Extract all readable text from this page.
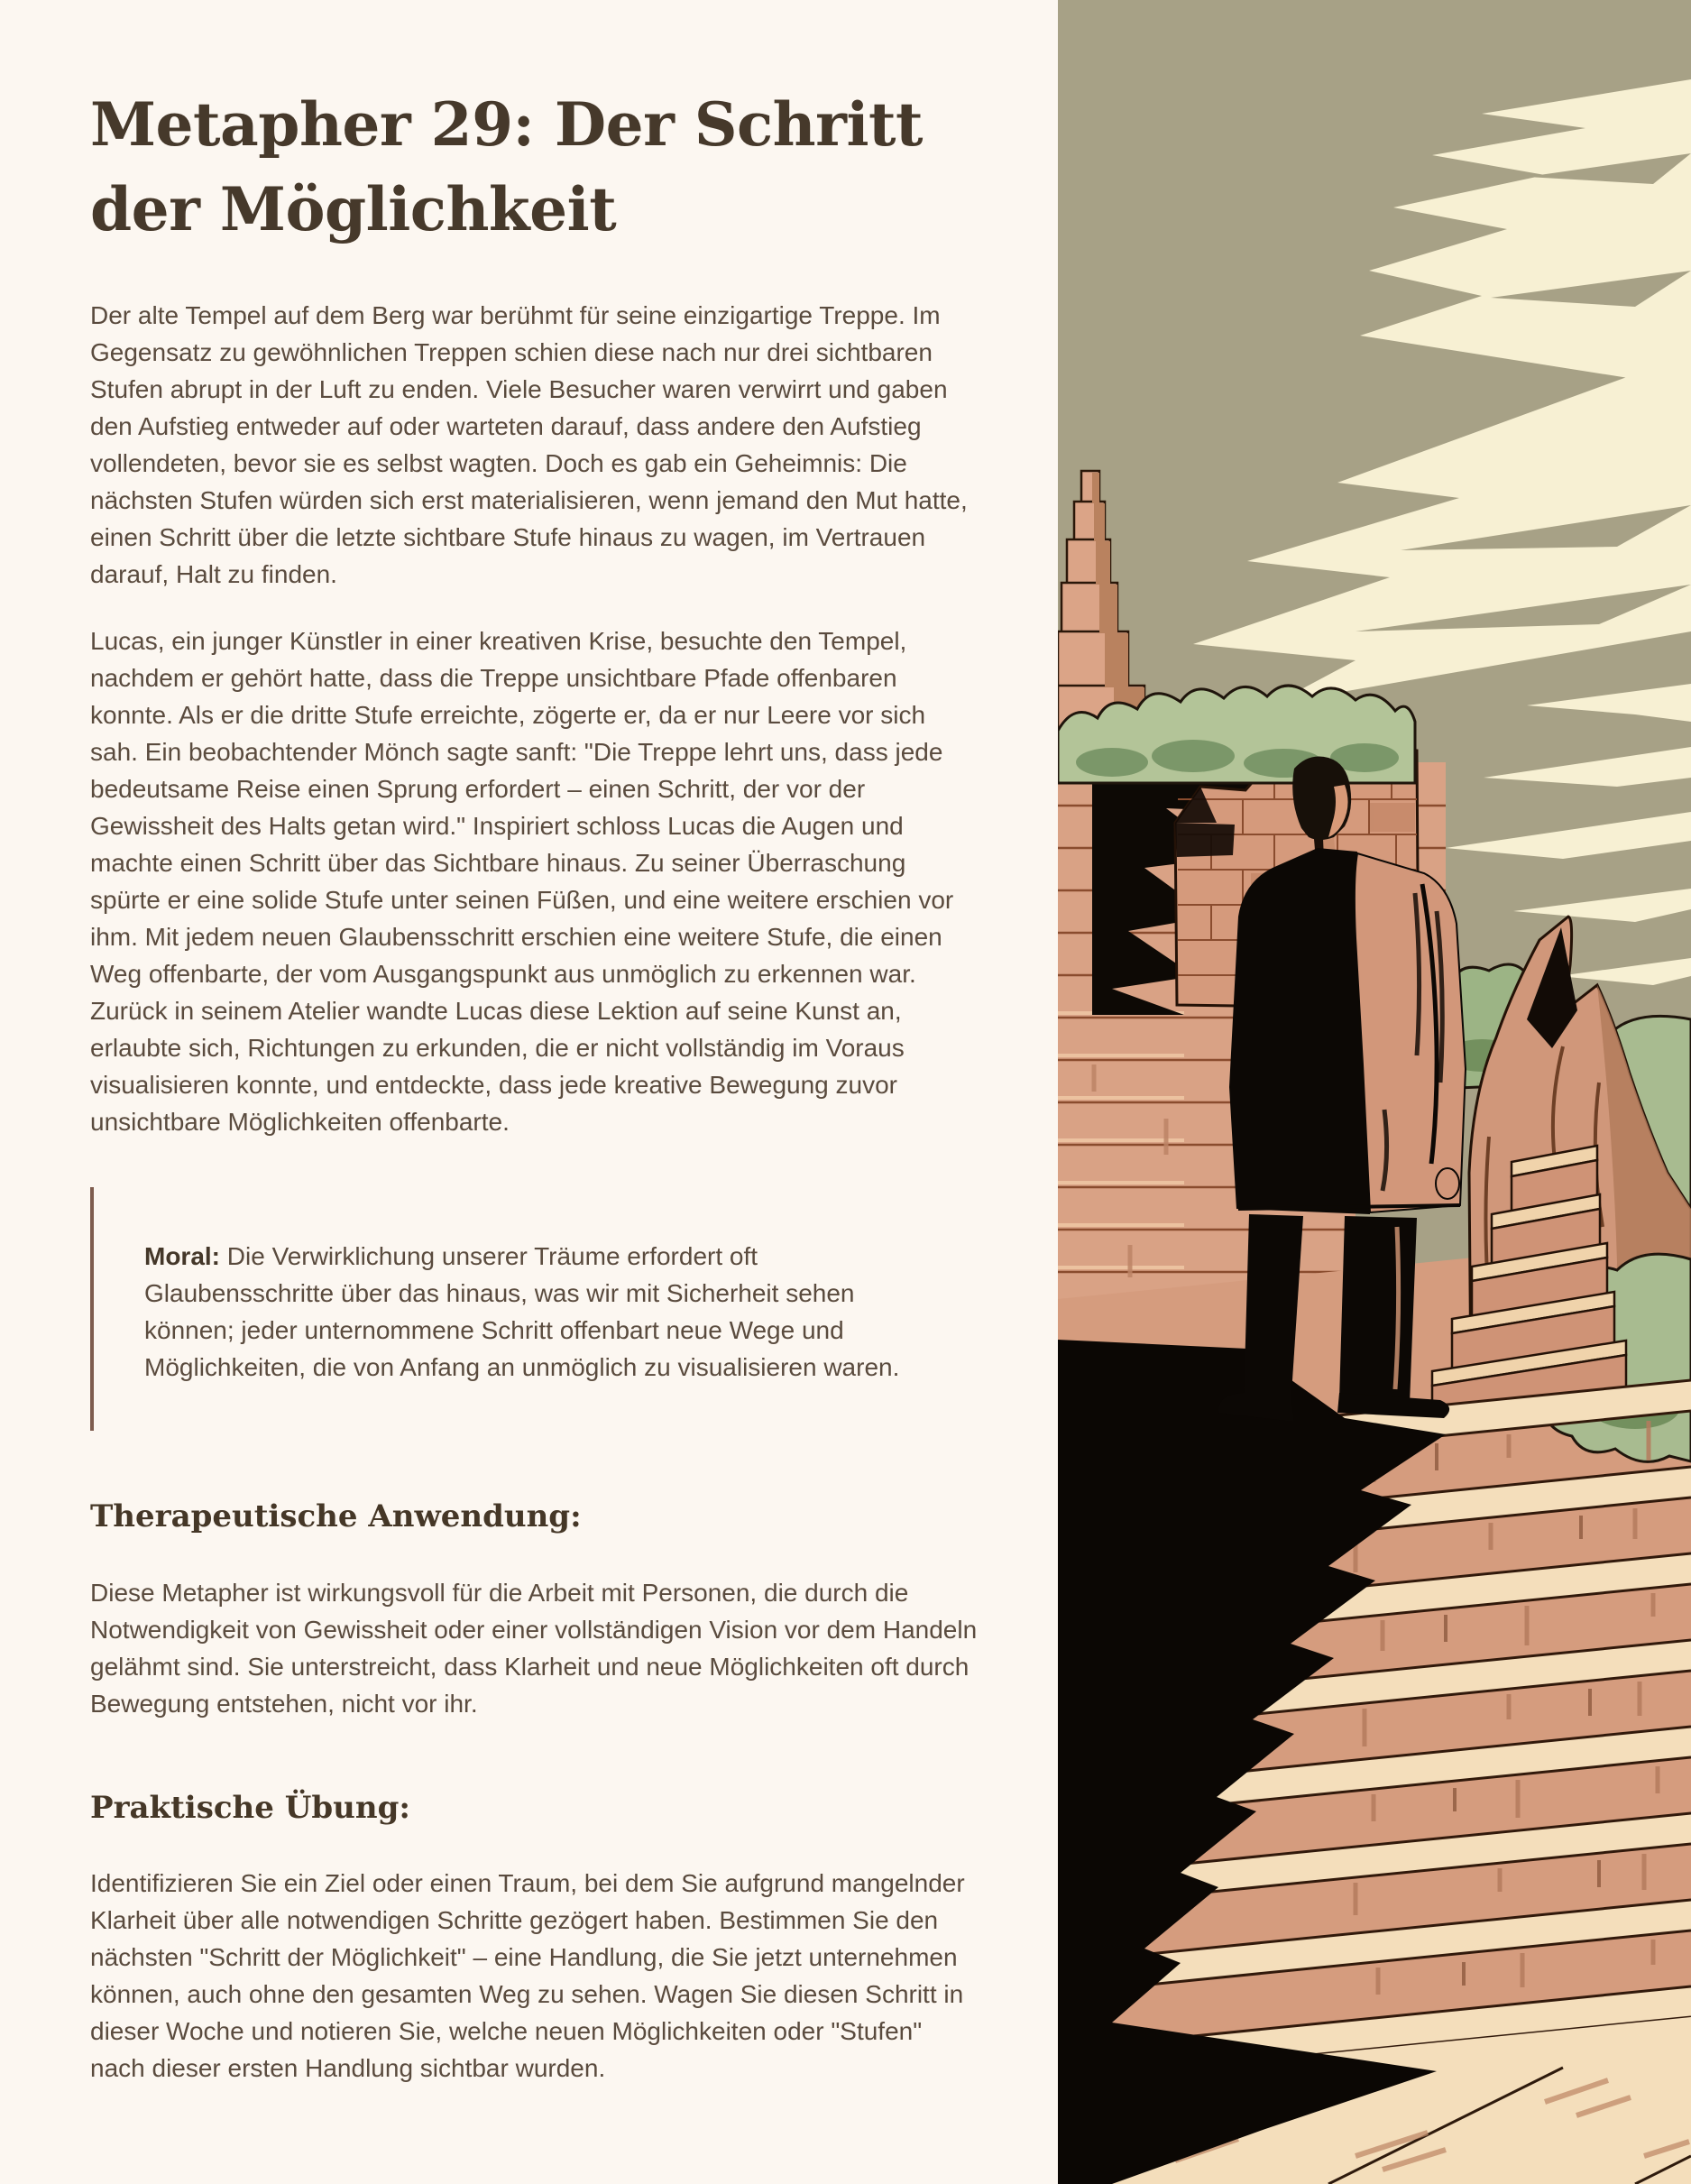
Metapher 29: Der Schritt der Möglichkeit

Der alte Tempel auf dem Berg war berühmt für seine einzigartige Treppe. Im Gegensatz zu gewöhnlichen Treppen schien diese nach nur drei sichtbaren Stufen abrupt in der Luft zu enden. Viele Besucher waren verwirrt und gaben den Aufstieg entweder auf oder warteten darauf, dass andere den Aufstieg vollendeten, bevor sie es selbst wagten. Doch es gab ein Geheimnis: Die nächsten Stufen würden sich erst materialisieren, wenn jemand den Mut hatte, einen Schritt über die letzte sichtbare Stufe hinaus zu wagen, im Vertrauen darauf, Halt zu finden.

Lucas, ein junger Künstler in einer kreativen Krise, besuchte den Tempel, nachdem er gehört hatte, dass die Treppe unsichtbare Pfade offenbaren konnte. Als er die dritte Stufe erreichte, zögerte er, da er nur Leere vor sich sah. Ein beobachtender Mönch sagte sanft: "Die Treppe lehrt uns, dass jede bedeutsame Reise einen Sprung erfordert – einen Schritt, der vor der Gewissheit des Halts getan wird." Inspiriert schloss Lucas die Augen und machte einen Schritt über das Sichtbare hinaus. Zu seiner Überraschung spürte er eine solide Stufe unter seinen Füßen, und eine weitere erschien vor ihm. Mit jedem neuen Glaubensschritt erschien eine weitere Stufe, die einen Weg offenbarte, der vom Ausgangspunkt aus unmöglich zu erkennen war. Zurück in seinem Atelier wandte Lucas diese Lektion auf seine Kunst an, erlaubte sich, Richtungen zu erkunden, die er nicht vollständig im Voraus visualisieren konnte, und entdeckte, dass jede kreative Bewegung zuvor unsichtbare Möglichkeiten offenbarte.

Moral: Die Verwirklichung unserer Träume erfordert oft Glaubensschritte über das hinaus, was wir mit Sicherheit sehen können; jeder unternommene Schritt offenbart neue Wege und Möglichkeiten, die von Anfang an unmöglich zu visualisieren waren.

Therapeutische Anwendung:

Diese Metapher ist wirkungsvoll für die Arbeit mit Personen, die durch die Notwendigkeit von Gewissheit oder einer vollständigen Vision vor dem Handeln gelähmt sind. Sie unterstreicht, dass Klarheit und neue Möglichkeiten oft durch Bewegung entstehen, nicht vor ihr.

Praktische Übung:

Identifizieren Sie ein Ziel oder einen Traum, bei dem Sie aufgrund mangelnder Klarheit über alle notwendigen Schritte gezögert haben. Bestimmen Sie den nächsten "Schritt der Möglichkeit" – eine Handlung, die Sie jetzt unternehmen können, auch ohne den gesamten Weg zu sehen. Wagen Sie diesen Schritt in dieser Woche und notieren Sie, welche neuen Möglichkeiten oder "Stufen" nach dieser ersten Handlung sichtbar wurden.
